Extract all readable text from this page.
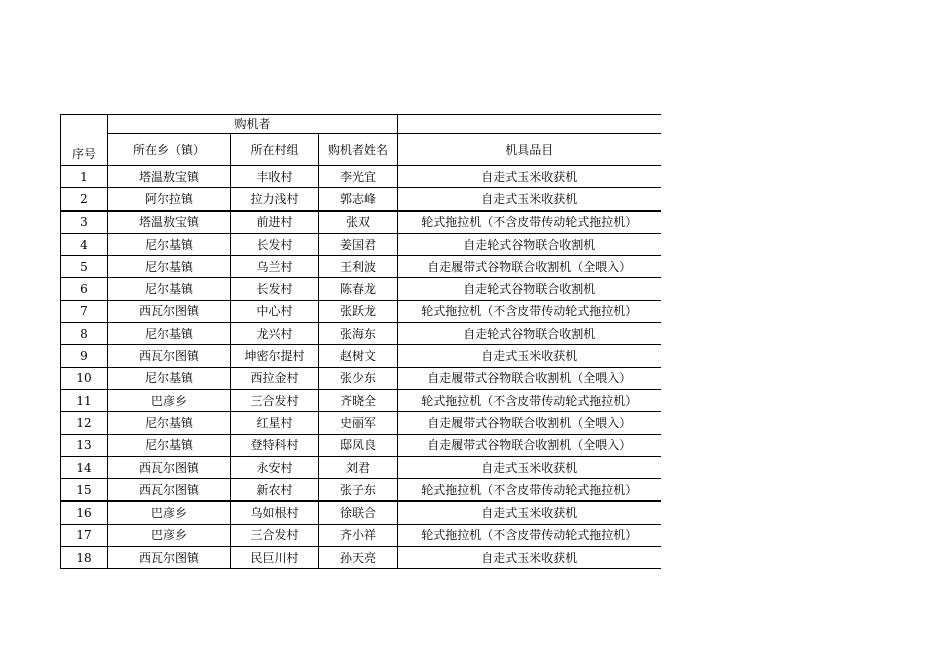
序号	购机者			
	所在乡（镇）	所在村组	购机者姓名	机具品目
1	塔温敖宝镇	丰收村	李光宜	自走式玉米收获机
2	阿尔拉镇	拉力浅村	郭志峰	自走式玉米收获机
3	塔温敖宝镇	前进村	张双	轮式拖拉机（不含皮带传动轮式拖拉机）
4	尼尔基镇	长发村	姜国君	自走轮式谷物联合收割机
5	尼尔基镇	乌兰村	王利波	自走履带式谷物联合收割机（全喂入）
6	尼尔基镇	长发村	陈春龙	自走轮式谷物联合收割机
7	西瓦尔图镇	中心村	张跃龙	轮式拖拉机（不含皮带传动轮式拖拉机）
8	尼尔基镇	龙兴村	张海东	自走轮式谷物联合收割机
9	西瓦尔图镇	坤密尔提村	赵树文	自走式玉米收获机
10	尼尔基镇	西拉金村	张少东	自走履带式谷物联合收割机（全喂入）
11	巴彦乡	三合发村	齐晓全	轮式拖拉机（不含皮带传动轮式拖拉机）
12	尼尔基镇	红星村	史丽军	自走履带式谷物联合收割机（全喂入）
13	尼尔基镇	登特科村	邸凤良	自走履带式谷物联合收割机（全喂入）
14	西瓦尔图镇	永安村	刘君	自走式玉米收获机
15	西瓦尔图镇	新农村	张子东	轮式拖拉机（不含皮带传动轮式拖拉机）
16	巴彦乡	乌如根村	徐联合	自走式玉米收获机
17	巴彦乡	三合发村	齐小祥	轮式拖拉机（不含皮带传动轮式拖拉机）
18	西瓦尔图镇	民巨川村	孙天亮	自走式玉米收获机
